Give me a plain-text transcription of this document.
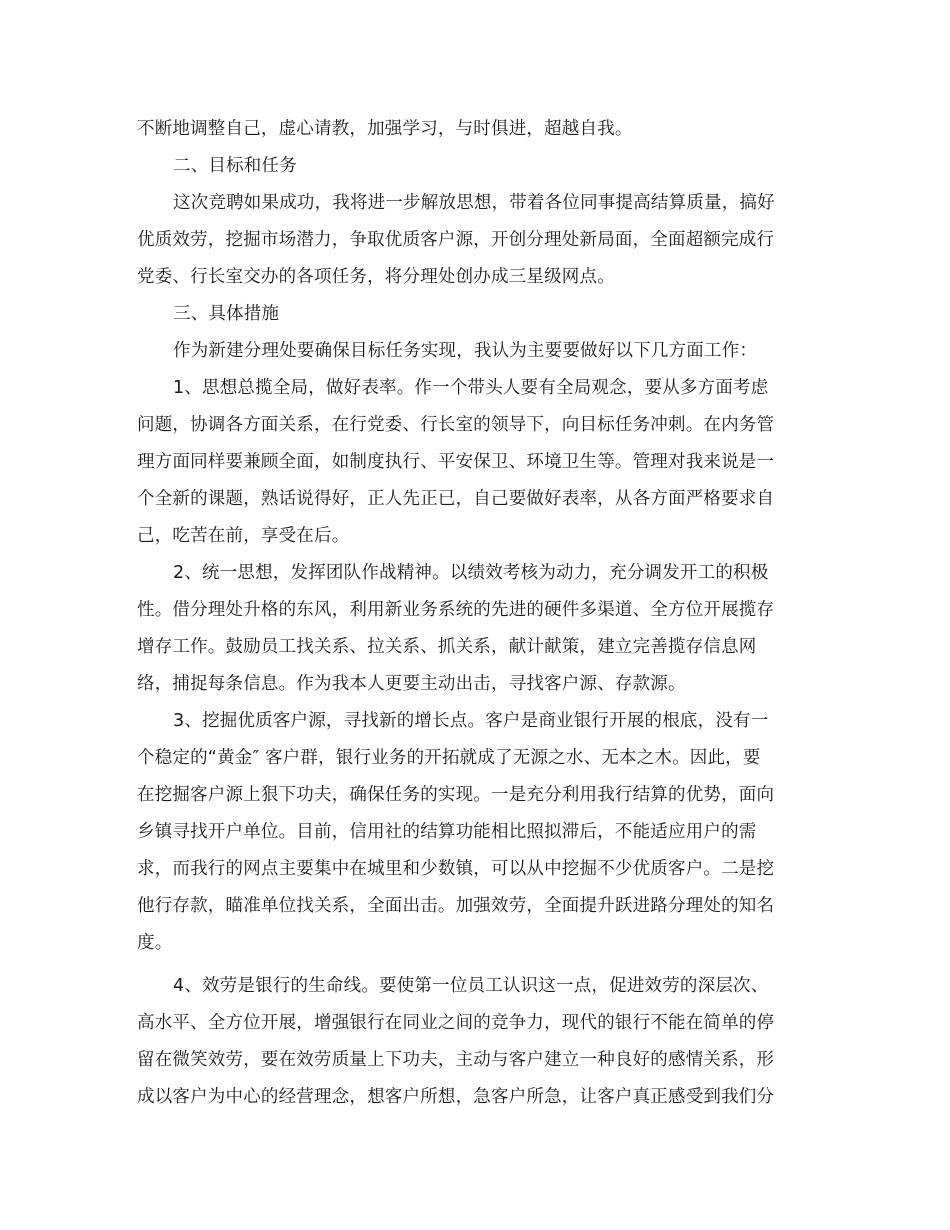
不断地调整自己，虚心请教，加强学习，与时俱进，超越自我。
二、目标和任务
这次竞聘如果成功，我将进一步解放思想，带着各位同事提高结算质量，搞好
优质效劳，挖掘市场潜力，争取优质客户源，开创分理处新局面，全面超额完成行
党委、行长室交办的各项任务，将分理处创办成三星级网点。
三、具体措施
作为新建分理处要确保目标任务实现，我认为主要要做好以下几方面工作：
1、思想总揽全局，做好表率。作一个带头人要有全局观念，要从多方面考虑
问题，协调各方面关系，在行党委、行长室的领导下，向目标任务冲刺。在内务管
理方面同样要兼顾全面，如制度执行、平安保卫、环境卫生等。管理对我来说是一
个全新的课题，熟话说得好，正人先正已，自己要做好表率，从各方面严格要求自
己，吃苦在前，享受在后。
2、统一思想，发挥团队作战精神。以绩效考核为动力，充分调发开工的积极
性。借分理处升格的东风，利用新业务系统的先进的硬件多渠道、全方位开展揽存
增存工作。鼓励员工找关系、拉关系、抓关系，献计献策，建立完善揽存信息网
络，捕捉每条信息。作为我本人更要主动出击，寻找客户源、存款源。
3、挖掘优质客户源，寻找新的增长点。客户是商业银行开展的根底，没有一
个稳定的“黄金″ 客户群，银行业务的开拓就成了无源之水、无本之木。因此，要
在挖掘客户源上狠下功夫，确保任务的实现。一是充分利用我行结算的优势，面向
乡镇寻找开户单位。目前，信用社的结算功能相比照拟滞后，不能适应用户的需
求，而我行的网点主要集中在城里和少数镇，可以从中挖掘不少优质客户。二是挖
他行存款，瞄准单位找关系，全面出击。加强效劳，全面提升跃进路分理处的知名
度。
4、效劳是银行的生命线。要使第一位员工认识这一点，促进效劳的深层次、
高水平、全方位开展，增强银行在同业之间的竞争力，现代的银行不能在简单的停
留在微笑效劳，要在效劳质量上下功夫，主动与客户建立一种良好的感情关系，形
成以客户为中心的经营理念，想客户所想，急客户所急，让客户真正感受到我们分
